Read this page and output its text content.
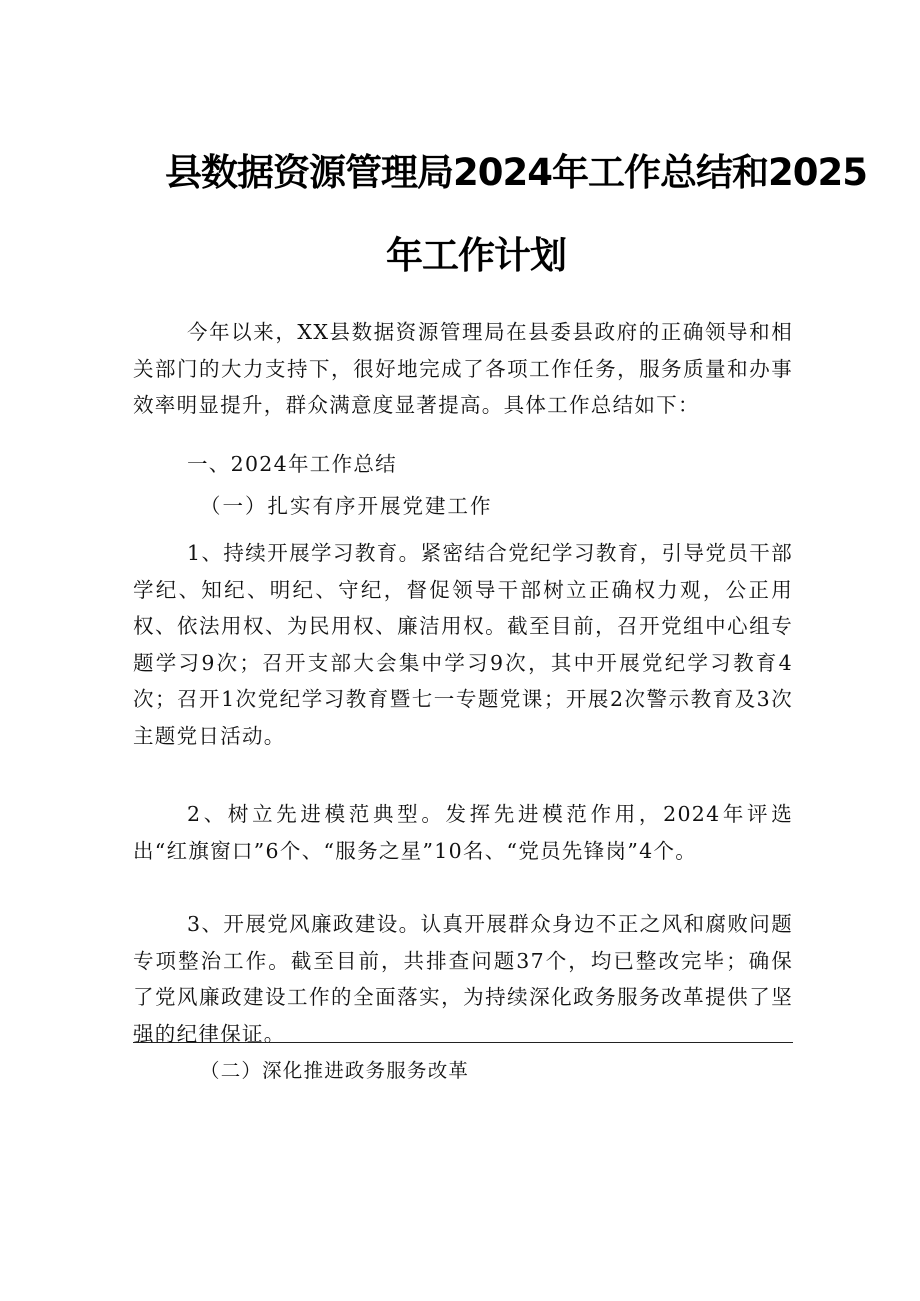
县数据资源管理局2024年工作总结和2025
年工作计划
今年以来，XX县数据资源管理局在县委县政府的正确领导和相关部门的大力支持下，很好地完成了各项工作任务，服务质量和办事效率明显提升，群众满意度显著提高。具体工作总结如下：
一、2024年工作总结
（一）扎实有序开展党建工作
1、持续开展学习教育。紧密结合党纪学习教育，引导党员干部学纪、知纪、明纪、守纪，督促领导干部树立正确权力观，公正用权、依法用权、为民用权、廉洁用权。截至目前，召开党组中心组专题学习9次；召开支部大会集中学习9次，其中开展党纪学习教育4次；召开1次党纪学习教育暨七一专题党课；开展2次警示教育及3次主题党日活动。
2、树立先进模范典型。发挥先进模范作用，2024年评选出“红旗窗口”6个、“服务之星”10名、“党员先锋岗”4个。
3、开展党风廉政建设。认真开展群众身边不正之风和腐败问题专项整治工作。截至目前，共排查问题37个，均已整改完毕；确保了党风廉政建设工作的全面落实，为持续深化政务服务改革提供了坚强的纪律保证。
（二）深化推进政务服务改革
